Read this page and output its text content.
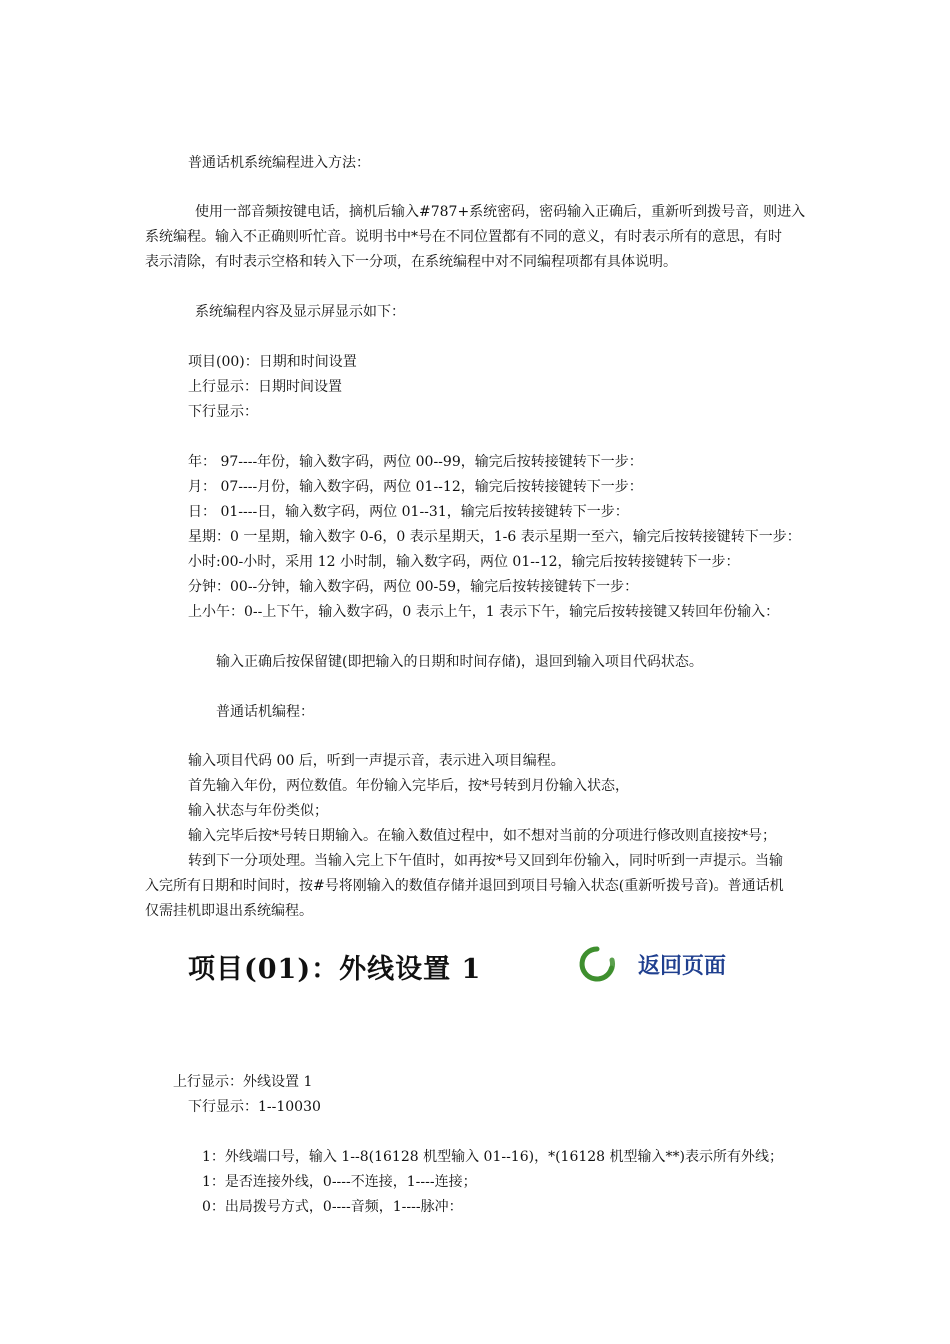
普通话机系统编程进入方法：
使用一部音频按键电话，摘机后输入#787+系统密码，密码输入正确后，重新听到拨号音，则进入
系统编程。输入不正确则听忙音。说明书中*号在不同位置都有不同的意义，有时表示所有的意思，有时
表示清除，有时表示空格和转入下一分项，在系统编程中对不同编程项都有具体说明。
系统编程内容及显示屏显示如下：
项目(00)：日期和时间设置
上行显示：日期时间设置
下行显示：
年： 97----年份，输入数字码，两位 00--99，输完后按转接键转下一步：
月： 07----月份，输入数字码，两位 01--12，输完后按转接键转下一步：
日： 01----日，输入数字码，两位 01--31，输完后按转接键转下一步：
星期：0 一星期，输入数字 0-6，0 表示星期天，1-6 表示星期一至六，输完后按转接键转下一步：
小时:00-小时，采用 12 小时制，输入数字码，两位 01--12，输完后按转接键转下一步：
分钟：00--分钟，输入数字码，两位 00-59，输完后按转接键转下一步：
上小午：0--上下午，输入数字码，0 表示上午，1 表示下午，输完后按转接键又转回年份输入：
输入正确后按保留键(即把输入的日期和时间存储)，退回到输入项目代码状态。
普通话机编程：
输入项目代码 00 后，听到一声提示音，表示进入项目编程。
首先输入年份，两位数值。年份输入完毕后，按*号转到月份输入状态，
输入状态与年份类似；
输入完毕后按*号转日期输入。在输入数值过程中，如不想对当前的分项进行修改则直接按*号；
转到下一分项处理。当输入完上下午值时，如再按*号又回到年份输入，同时听到一声提示。当输
入完所有日期和时间时，按#号将刚输入的数值存储并退回到项目号输入状态(重新听拨号音)。普通话机
仅需挂机即退出系统编程。
项目(01)：外线设置 1	返回页面
上行显示：外线设置 1
下行显示：1--10030
1：外线端口号，输入 1--8(16128 机型输入 01--16)，*(16128 机型输入**)表示所有外线；
1：是否连接外线，0----不连接，1----连接；
0：出局拨号方式，0----音频，1----脉冲：
